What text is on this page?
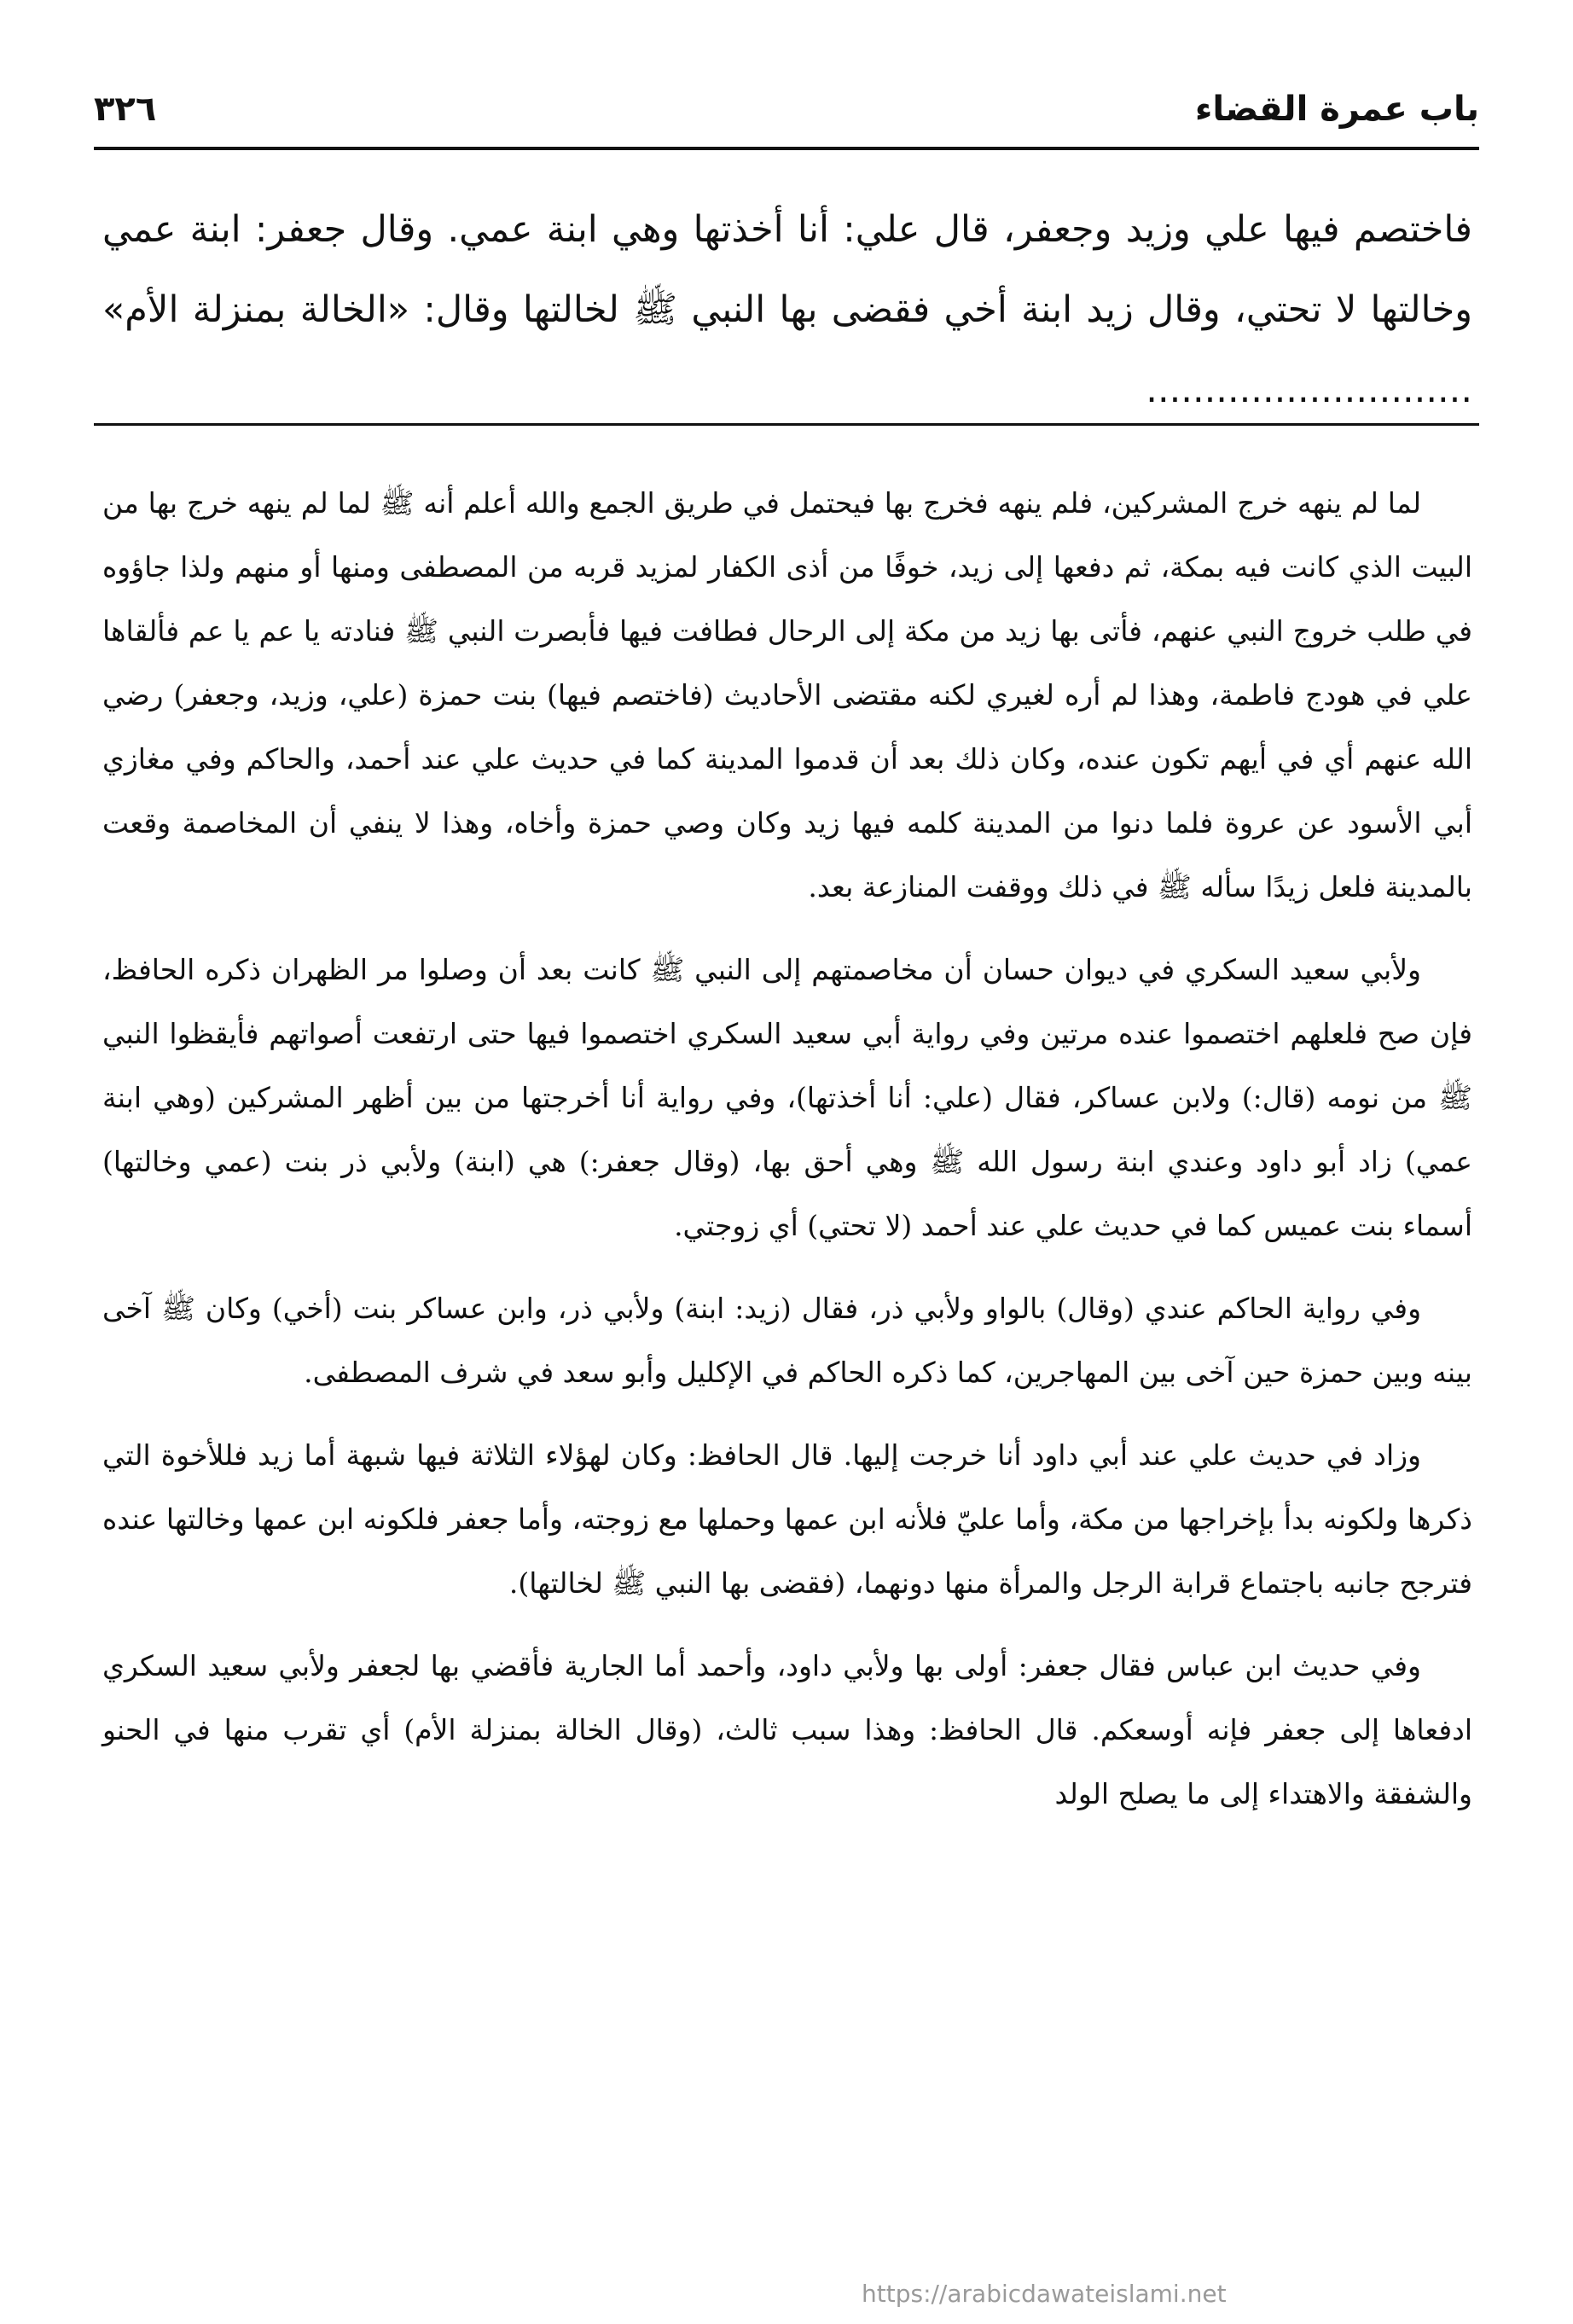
باب عمرة القضاء
٣٢٦
فاختصم فيها علي وزيد وجعفر، قال علي: أنا أخذتها وهي ابنة عمي. وقال جعفر: ابنة عمي وخالتها لا تحتي، وقال زيد ابنة أخي فقضى بها النبي ﷺ لخالتها وقال: «الخالة بمنزلة الأم» ............................

لما لم ينهه خرج المشركين، فلم ينهه فخرج بها فيحتمل في طريق الجمع والله أعلم أنه ﷺ لما لم ينهه خرج بها من البيت الذي كانت فيه بمكة، ثم دفعها إلى زيد، خوفًا من أذى الكفار لمزيد قربه من المصطفى ومنها أو منهم ولذا جاؤوه في طلب خروج النبي عنهم، فأتى بها زيد من مكة إلى الرحال فطافت فيها فأبصرت النبي ﷺ فنادته يا عم يا عم فألقاها علي في هودج فاطمة، وهذا لم أره لغيري لكنه مقتضى الأحاديث (فاختصم فيها) بنت حمزة (علي، وزيد، وجعفر) رضي الله عنهم أي في أيهم تكون عنده، وكان ذلك بعد أن قدموا المدينة كما في حديث علي عند أحمد، والحاكم وفي مغازي أبي الأسود عن عروة فلما دنوا من المدينة كلمه فيها زيد وكان وصي حمزة وأخاه، وهذا لا ينفي أن المخاصمة وقعت بالمدينة فلعل زيدًا سأله ﷺ في ذلك ووقفت المنازعة بعد.

ولأبي سعيد السكري في ديوان حسان أن مخاصمتهم إلى النبي ﷺ كانت بعد أن وصلوا مر الظهران ذكره الحافظ، فإن صح فلعلهم اختصموا عنده مرتين وفي رواية أبي سعيد السكري اختصموا فيها حتى ارتفعت أصواتهم فأيقظوا النبي ﷺ من نومه (قال:) ولابن عساكر، فقال (علي: أنا أخذتها)، وفي رواية أنا أخرجتها من بين أظهر المشركين (وهي ابنة عمي) زاد أبو داود وعندي ابنة رسول الله ﷺ وهي أحق بها، (وقال جعفر:) هي (ابنة) ولأبي ذر بنت (عمي وخالتها) أسماء بنت عميس كما في حديث علي عند أحمد (لا تحتي) أي زوجتي.

وفي رواية الحاكم عندي (وقال) بالواو ولأبي ذر، فقال (زيد: ابنة) ولأبي ذر، وابن عساكر بنت (أخي) وكان ﷺ آخى بينه وبين حمزة حين آخى بين المهاجرين، كما ذكره الحاكم في الإكليل وأبو سعد في شرف المصطفى.

وزاد في حديث علي عند أبي داود أنا خرجت إليها. قال الحافظ: وكان لهؤلاء الثلاثة فيها شبهة أما زيد فللأخوة التي ذكرها ولكونه بدأ بإخراجها من مكة، وأما عليّ فلأنه ابن عمها وحملها مع زوجته، وأما جعفر فلكونه ابن عمها وخالتها عنده فترجح جانبه باجتماع قرابة الرجل والمرأة منها دونهما، (فقضى بها النبي ﷺ لخالتها).

وفي حديث ابن عباس فقال جعفر: أولى بها ولأبي داود، وأحمد أما الجارية فأقضي بها لجعفر ولأبي سعيد السكري ادفعاها إلى جعفر فإنه أوسعكم. قال الحافظ: وهذا سبب ثالث، (وقال الخالة بمنزلة الأم) أي تقرب منها في الحنو والشفقة والاهتداء إلى ما يصلح الولد

https://arabicdawateislami.net
